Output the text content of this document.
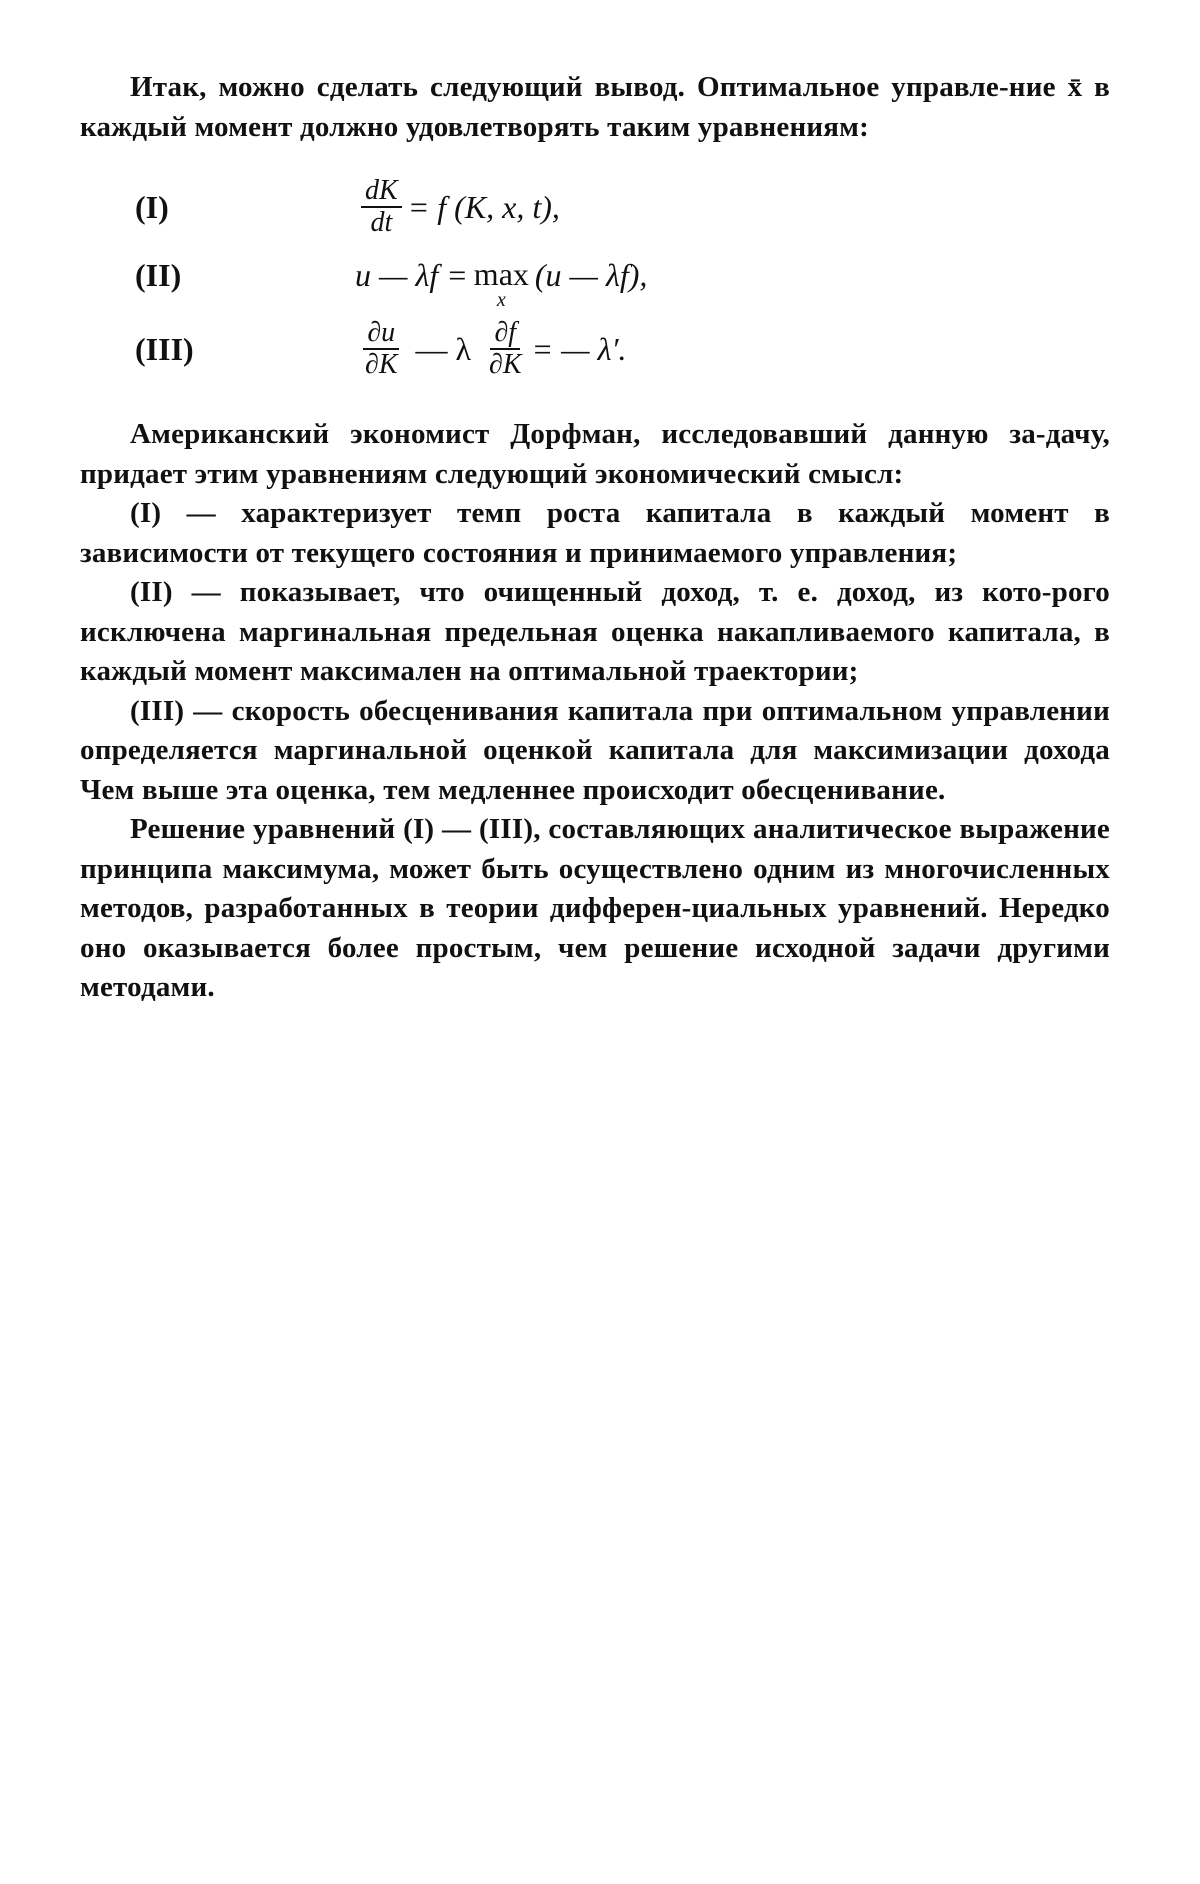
Итак, можно сделать следующий вывод. Оптимальное управле-ние x̄ в каждый момент должно удовлетворять таким уравнениям:

(I)	$\frac{dK}{dt} = f$ (K, x, t),
(II)	u — λf = max
x
(u — λf),
(III)	$\frac{\partial u}{\partial K}$ — λ $\frac{\partial f}{\partial K}$ = — λ′.

Американский экономист Дорфман, исследовавший данную за-дачу, придает этим уравнениям следующий экономический смысл:

(I) — характеризует темп роста капитала в каждый момент в зависимости от текущего состояния и принимаемого управления;

(II) — показывает, что очищенный доход, т. е. доход, из кото-рого исключена маргинальная предельная оценка накапливаемого капитала, в каждый момент максимален на оптимальной траектории;

(III) — скорость обесценивания капитала при оптимальном управлении определяется маргинальной оценкой капитала для максимизации дохода Чем выше эта оценка, тем медленнее происходит обесценивание.

Решение уравнений (I) — (III), составляющих аналитическое выражение принципа максимума, может быть осуществлено одним из многочисленных методов, разработанных в теории дифферен-циальных уравнений. Нередко оно оказывается более простым, чем решение исходной задачи другими методами.
